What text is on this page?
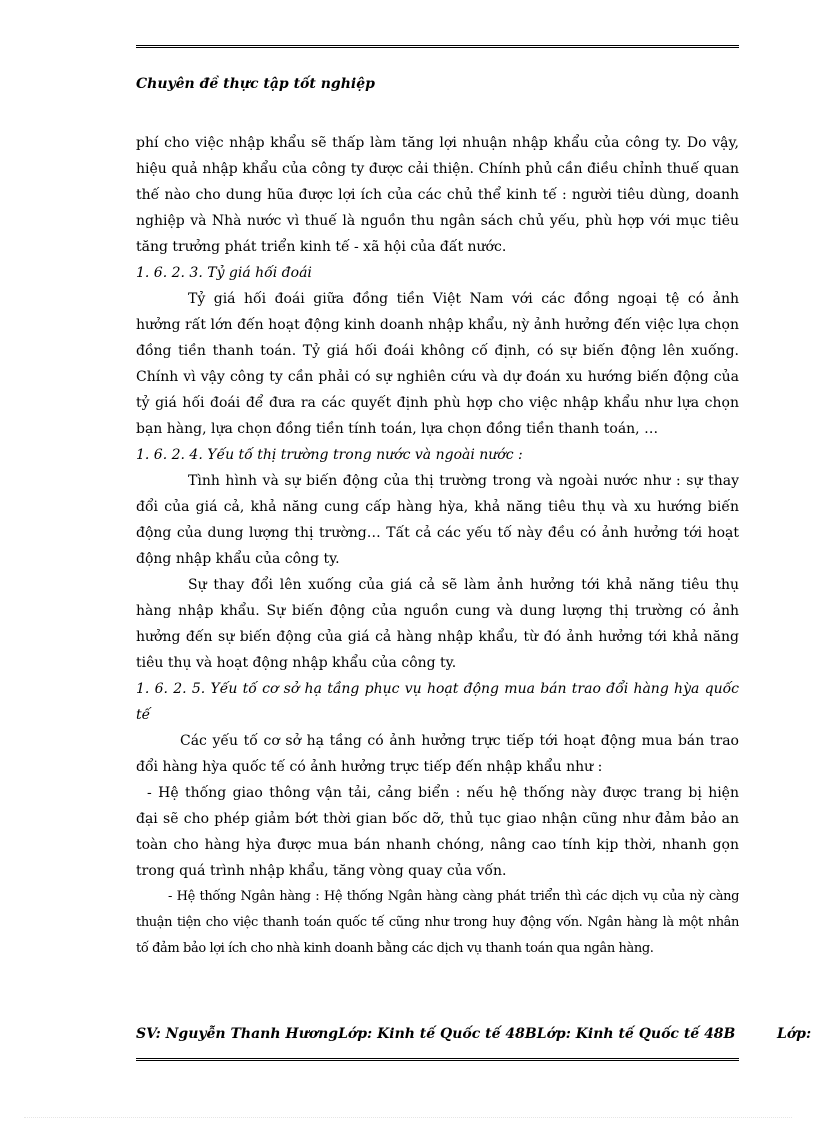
Chuyên đề thực tập tốt nghiệp

phí cho việc nhập khẩu sẽ thấp làm tăng lợi nhuận nhập khẩu của công ty. Do vậy,

hiệu quả nhập khẩu của công ty được cải thiện. Chính phủ cần điều chỉnh thuế quan

thế nào cho dung hũa được lợi ích của các chủ thể kinh tế : người tiêu dùng, doanh

nghiệp và Nhà nước vì thuế là nguồn thu ngân sách chủ yếu, phù hợp với mục tiêu

tăng trưởng phát triển kinh tế - xã hội của đất nước.

1. 6. 2. 3. Tỷ giá hối đoái

Tỷ giá hối đoái giữa đồng tiền Việt Nam với các đồng ngoại tệ có ảnh

hưởng rất lớn đến hoạt động kinh doanh nhập khẩu, nỳ ảnh hưởng đến việc lựa chọn

đồng tiền thanh toán. Tỷ giá hối đoái không cố định, có sự biến động lên xuống.

Chính vì vậy công ty cần phải có sự nghiên cứu và dự đoán xu hướng biến động của

tỷ giá hối đoái để đưa ra các quyết định phù hợp cho việc nhập khẩu như lựa chọn

bạn hàng, lựa chọn đồng tiền tính toán, lựa chọn đồng tiền thanh toán, …

1. 6. 2. 4. Yếu tố thị trường trong nước và ngoài nước :

Tình hình và sự biến động của thị trường trong và ngoài nước như : sự thay

đổi của giá cả, khả năng cung cấp hàng hỳa, khả năng tiêu thụ và xu hướng biến

động của dung lượng thị trường… Tất cả các yếu tố này đều có ảnh hưởng tới hoạt

động nhập khẩu của công ty.

Sự thay đổi lên xuống của giá cả sẽ làm ảnh hưởng tới khả năng tiêu thụ

hàng nhập khẩu. Sự biến động của nguồn cung và dung lượng thị trường có ảnh

hưởng đến sự biến động của giá cả hàng nhập khẩu, từ đó ảnh hưởng tới khả năng

tiêu thụ và hoạt động nhập khẩu của công ty.

1. 6. 2. 5. Yếu tố cơ sở hạ tầng phục vụ hoạt động mua bán trao đổi hàng hỳa quốc

tế

Các yếu tố cơ sở hạ tầng có ảnh hưởng trực tiếp tới hoạt động mua bán trao

đổi hàng hỳa quốc tế có ảnh hưởng trực tiếp đến nhập khẩu như :

- Hệ thống giao thông vận tải, cảng biển : nếu hệ thống này được trang bị hiện

đại sẽ cho phép giảm bớt thời gian bốc dỡ, thủ tục giao nhận cũng như đảm bảo an

toàn cho hàng hỳa được mua bán nhanh chóng, nâng cao tính kịp thời, nhanh gọn

trong quá trình nhập khẩu, tăng vòng quay của vốn.

- Hệ thống Ngân hàng : Hệ thống Ngân hàng càng phát triển thì các dịch vụ của nỳ càng

thuận tiện cho việc thanh toán quốc tế cũng như trong huy động vốn. Ngân hàng là một nhân

tố đảm bảo lợi ích cho nhà kinh doanh bằng các dịch vụ thanh toán qua ngân hàng.

SV: Nguyễn Thanh HươngLớp: Kinh tế Quốc tế 48BLớp: Kinh tế Quốc tế 48B	Lớp:
